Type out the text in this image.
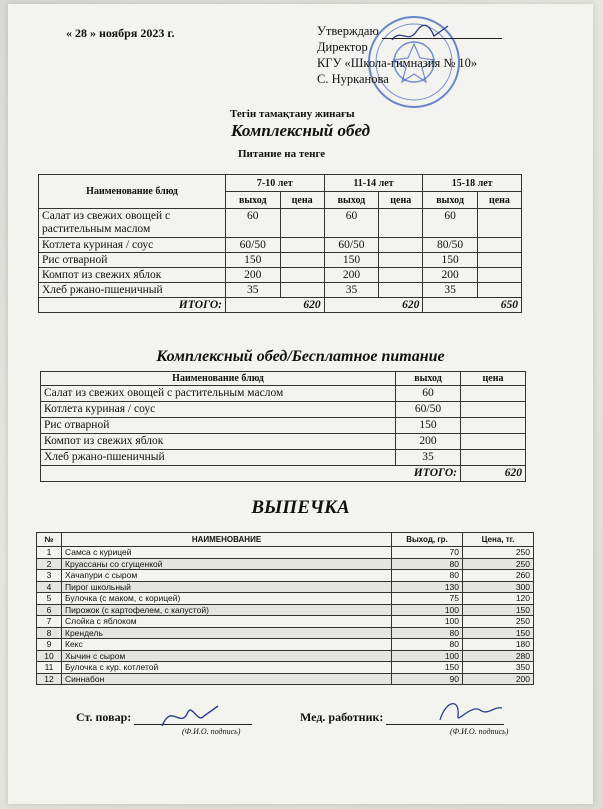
« 28 » ноября 2023 г.	Утверждаю
Директор
КГУ «Школа-гимназия № 10»
С. Нурканова
Тегін тамақтану жинағы
Комплексный обед
Питание на тенге
Наименование блюд	7-10 лет		11-14 лет		15-18 лет	
	выход	цена	выход	цена	выход	цена
Салат из свежих овощей с растительным маслом	60		60		60	
Котлета куриная / соус	60/50		60/50		80/50	
Рис отварной	150		150		150	
Компот из свежих яблок	200		200		200	
Хлеб ржано-пшеничный	35		35		35	
ИТОГО:	620		620		650	
Комплексный обед/Бесплатное питание
Наименование блюд	выход	цена
Салат из свежих овощей с растительным маслом	60	
Котлета куриная / соус	60/50	
Рис отварной	150	
Компот из свежих яблок	200	
Хлеб ржано-пшеничный	35	
ИТОГО:		620
ВЫПЕЧКА
№	НАИМЕНОВАНИЕ	Выход, гр.	Цена, тг.
1	Самса с курицей	70	250
2	Круассаны со сгущенкой	80	250
3	Хачапури с сыром	80	260
4	Пирог школьный	130	300
5	Булочка (с маком, с корицей)	75	120
6	Пирожок (с картофелем, с капустой)	100	150
7	Слойка с яблоком	100	250
8	Крендель	80	150
9	Кекс	80	180
10	Хычин с сыром	100	280
11	Булочка с кур. котлетой	150	350
12	Синнабон	90	200
Ст. повар:
(Ф.И.О. подпись)
Мед. работник:
(Ф.И.О. подпись)
